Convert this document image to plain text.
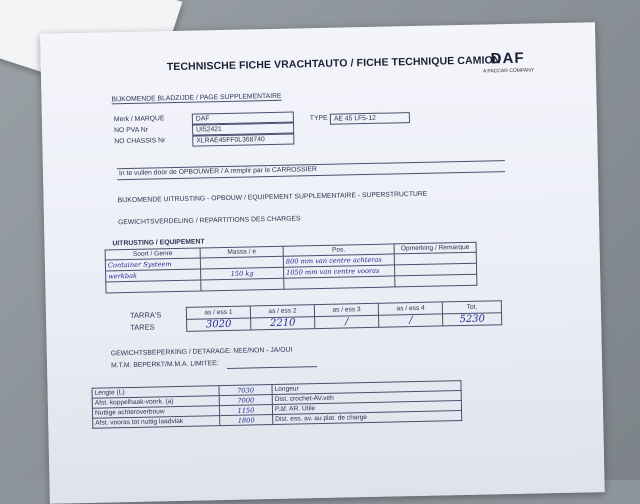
TECHNISCHE FICHE VRACHTAUTO / FICHE TECHNIQUE CAMION
DAF
A PACCAR COMPANY
BIJKOMENDE BLADZIJDE / PAGE SUPPLEMENTAIRE
Merk / MARQUE	DAF
NO PVA Nr	UI52421
NO CHASSIS Nr	XLRAE45FF0L368740
TYPE AE 45 LF5-12
In te vullen door de OPBOUWER / A remplir par le CARROSSIER
BIJKOMENDE UITRUSTING - OPBOUW / EQUIPEMENT SUPPLEMENTAIRE - SUPERSTRUCTURE
GEWICHTSVERDELING / REPARTITIONS DES CHARGES
UITRUSTING / EQUIPEMENT
Soort / Genre	Massa / e	Pos.	Opmerking / Remarque
Container Systeem		800 mm van centre achteras	
werkbak	150 kg	1050 mm van centre vooras	

TARRA'S
TARES
as / ess 1	as / ess 2	as / ess 3	as / ess 4	Tot.
3020	2210	/	/	5230
GEWICHTSBEPERKING / DETARAGE: NEE/NON - JA/OUI
M.T.M. BEPERKT/M.M.A. LIMITEE:
Lengte (L)	7030	Longeur
Afst. koppelhaak-voork. (a)	7000	Dist. crochet-AV.veh
Nuttige achteroverbouw	1150	P.àf. AR. Utile
Afst. vooras tot nuttig laadvlak	1800	Dist. ess. av. au plat. de charge
